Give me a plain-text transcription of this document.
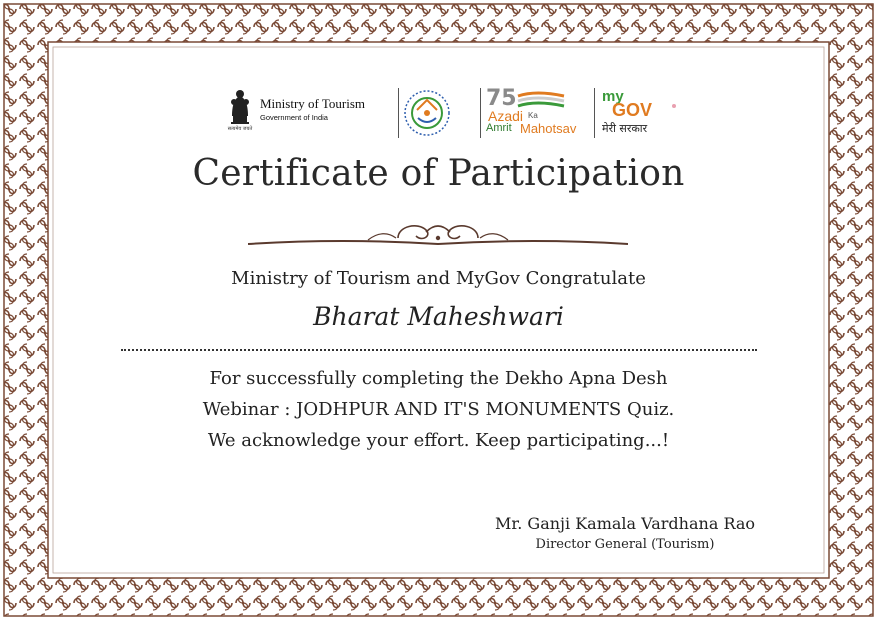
सत्यमेव जयते
Ministry of Tourism
Government of India
75
Azadi Ka
Amrit Mahotsav
my
GOV
मेरी सरकार
Certificate of Participation
Ministry of Tourism and MyGov Congratulate
Bharat Maheshwari
For successfully completing the Dekho Apna Desh
Webinar : JODHPUR AND IT'S MONUMENTS Quiz.
We acknowledge your effort. Keep participating...!
Mr. Ganji Kamala Vardhana Rao
Director General (Tourism)
